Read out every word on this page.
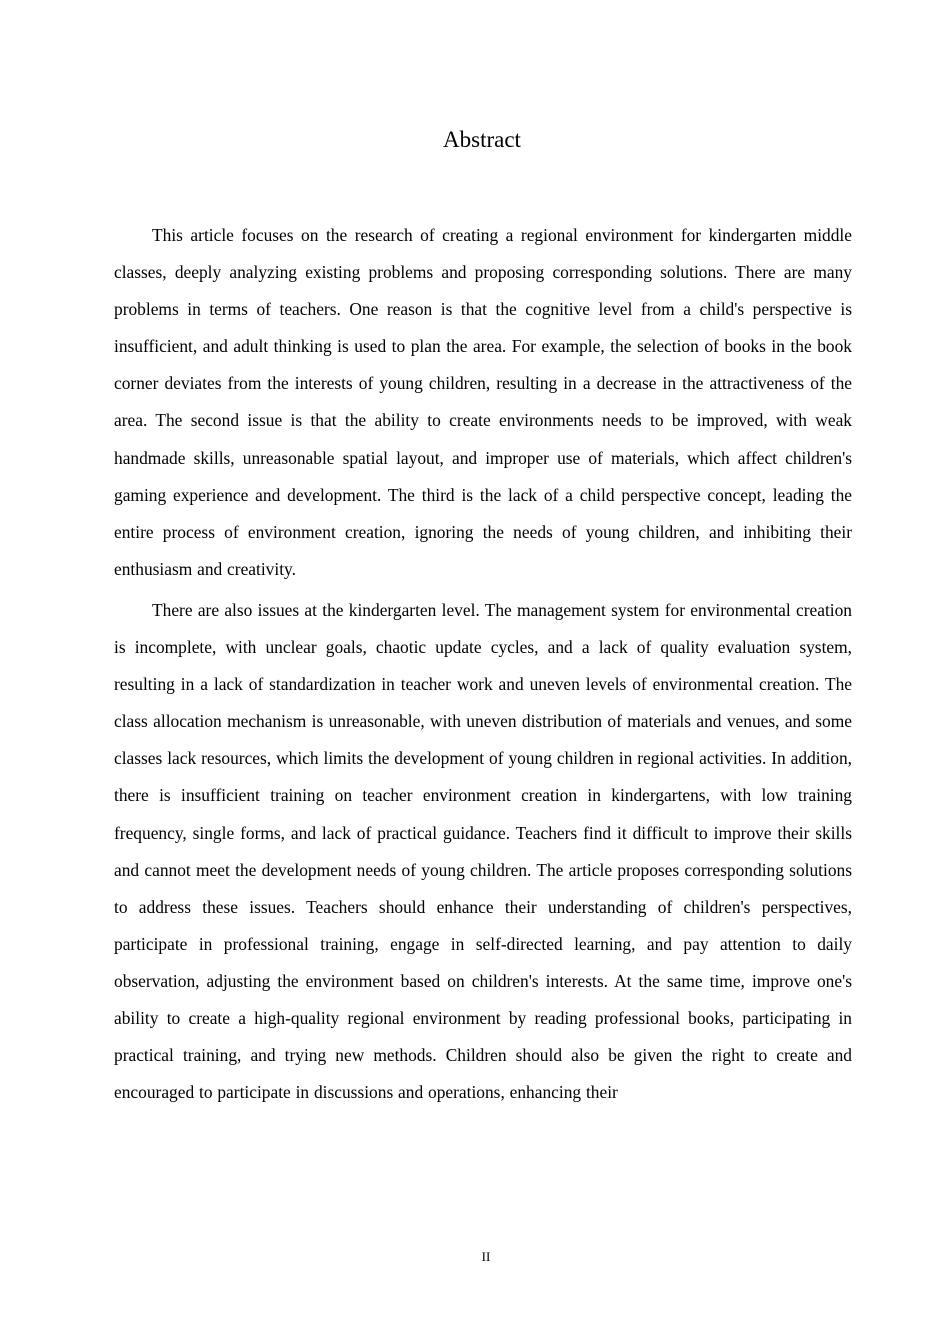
Abstract

This article focuses on the research of creating a regional environment for kindergarten middle classes, deeply analyzing existing problems and proposing corresponding solutions. There are many problems in terms of teachers. One reason is that the cognitive level from a child's perspective is insufficient, and adult thinking is used to plan the area. For example, the selection of books in the book corner deviates from the interests of young children, resulting in a decrease in the attractiveness of the area. The second issue is that the ability to create environments needs to be improved, with weak handmade skills, unreasonable spatial layout, and improper use of materials, which affect children's gaming experience and development. The third is the lack of a child perspective concept, leading the entire process of environment creation, ignoring the needs of young children, and inhibiting their enthusiasm and creativity.

There are also issues at the kindergarten level. The management system for environmental creation is incomplete, with unclear goals, chaotic update cycles, and a lack of quality evaluation system, resulting in a lack of standardization in teacher work and uneven levels of environmental creation. The class allocation mechanism is unreasonable, with uneven distribution of materials and venues, and some classes lack resources, which limits the development of young children in regional activities. In addition, there is insufficient training on teacher environment creation in kindergartens, with low training frequency, single forms, and lack of practical guidance. Teachers find it difficult to improve their skills and cannot meet the development needs of young children. The article proposes corresponding solutions to address these issues. Teachers should enhance their understanding of children's perspectives, participate in professional training, engage in self-directed learning, and pay attention to daily observation, adjusting the environment based on children's interests. At the same time, improve one's ability to create a high-quality regional environment by reading professional books, participating in practical training, and trying new methods. Children should also be given the right to create and encouraged to participate in discussions and operations, enhancing their

II
